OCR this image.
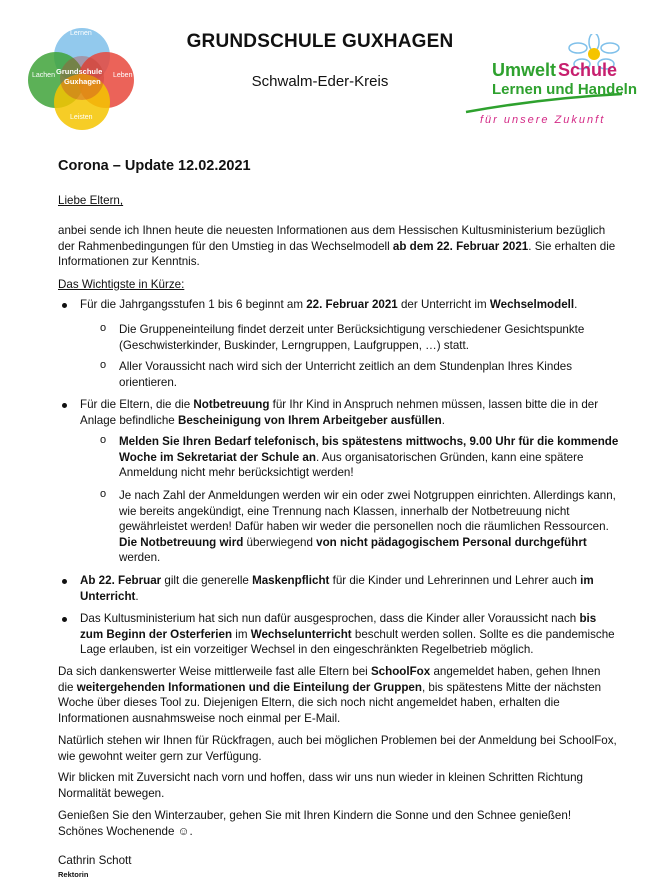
Lernen
Lachen Grundschule
Guxhagen
Leben
Leisten
GRUNDSCHULE GUXHAGEN
Schwalm-Eder-Kreis
Umwelt Schule
Lernen und Handeln
für unsere Zukunft
Corona – Update 12.02.2021
Liebe Eltern,
anbei sende ich Ihnen heute die neuesten Informationen aus dem Hessischen Kultusministerium bezüglich der Rahmenbedingungen für den Umstieg in das Wechselmodell ab dem 22. Februar 2021. Sie erhalten die Informationen zur Kenntnis.
Das Wichtigste in Kürze:
Für die Jahrgangsstufen 1 bis 6 beginnt am 22. Februar 2021 der Unterricht im Wechselmodell.
o Die Gruppeneinteilung findet derzeit unter Berücksichtigung verschiedener Gesichtspunkte (Geschwisterkinder, Buskinder, Lerngruppen, Laufgruppen, …) statt.
o Aller Voraussicht nach wird sich der Unterricht zeitlich an dem Stundenplan Ihres Kindes orientieren.
Für die Eltern, die die Notbetreuung für Ihr Kind in Anspruch nehmen müssen, lassen bitte die in der Anlage befindliche Bescheinigung von Ihrem Arbeitgeber ausfüllen.
o Melden Sie Ihren Bedarf telefonisch, bis spätestens mittwochs, 9.00 Uhr für die kommende Woche im Sekretariat der Schule an. Aus organisatorischen Gründen, kann eine spätere Anmeldung nicht mehr berücksichtigt werden!
o Je nach Zahl der Anmeldungen werden wir ein oder zwei Notgruppen einrichten. Allerdings kann, wie bereits angekündigt, eine Trennung nach Klassen, innerhalb der Notbetreuung nicht gewährleistet werden! Dafür haben wir weder die personellen noch die räumlichen Ressourcen. Die Notbetreuung wird überwiegend von nicht pädagogischem Personal durchgeführt werden.
Ab 22. Februar gilt die generelle Maskenpflicht für die Kinder und Lehrerinnen und Lehrer auch im Unterricht.
Das Kultusministerium hat sich nun dafür ausgesprochen, dass die Kinder aller Voraussicht nach bis zum Beginn der Osterferien im Wechselunterricht beschult werden sollen. Sollte es die pandemische Lage erlauben, ist ein vorzeitiger Wechsel in den eingeschränkten Regelbetrieb möglich.
Da sich dankenswerter Weise mittlerweile fast alle Eltern bei SchoolFox angemeldet haben, gehen Ihnen die weitergehenden Informationen und die Einteilung der Gruppen, bis spätestens Mitte der nächsten Woche über dieses Tool zu. Diejenigen Eltern, die sich noch nicht angemeldet haben, erhalten die Informationen ausnahmsweise noch einmal per E-Mail.
Natürlich stehen wir Ihnen für Rückfragen, auch bei möglichen Problemen bei der Anmeldung bei SchoolFox, wie gewohnt weiter gern zur Verfügung.
Wir blicken mit Zuversicht nach vorn und hoffen, dass wir uns nun wieder in kleinen Schritten Richtung Normalität bewegen.
Genießen Sie den Winterzauber, gehen Sie mit Ihren Kindern die Sonne und den Schnee genießen!
Schönes Wochenende ☺.
Cathrin Schott
Rektorin
